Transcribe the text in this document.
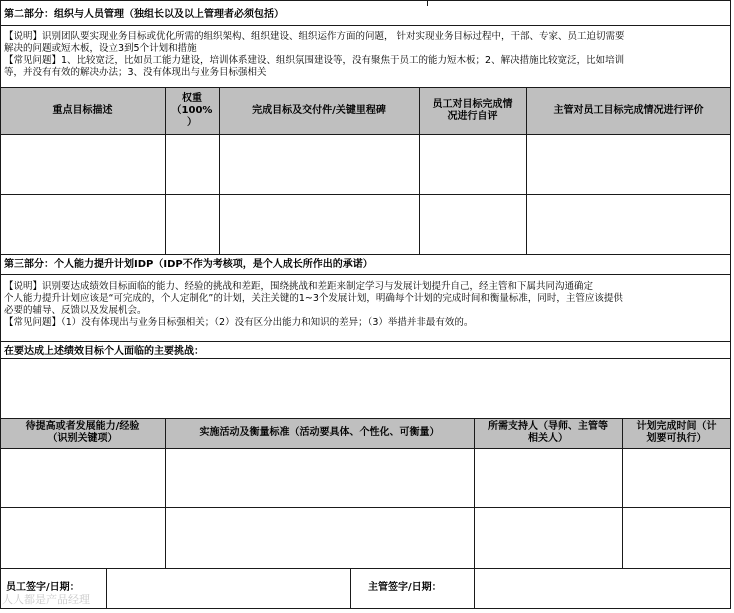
第二部分：组织与人员管理（独组长以及以上管理者必须包括）
【说明】识别团队要实现业务目标或优化所需的组织架构、组织建设、组织运作方面的问题， 针对实现业务目标过程中，干部、专家、员工迫切需要
解决的问题或短木板，设立3到5个计划和措施
【常见问题】1、比较宽泛，比如员工能力建设，培训体系建设、组织氛围建设等，没有聚焦于员工的能力短木板；2、解决措施比较宽泛，比如培训
等，并没有有效的解决办法；3、没有体现出与业务目标强相关
重点目标描述
权重
（100%
）
完成目标及交付件/关键里程碑
员工对目标完成情
况进行自评
主管对员工目标完成情况进行评价
第三部分：个人能力提升计划IDP（IDP不作为考核项，是个人成长所作出的承诺）
【说明】识别要达成绩效目标面临的能力、经验的挑战和差距，围绕挑战和差距来制定学习与发展计划提升自己，经主管和下属共同沟通确定
个人能力提升计划应该是“可完成的，个人定制化”的计划，关注关键的1~3个发展计划，明确每个计划的完成时间和衡量标准，同时，主管应该提供
必要的辅导、反馈以及发展机会。
【常见问题】（1）没有体现出与业务目标强相关；（2）没有区分出能力和知识的差异；（3）举措并非最有效的。
在要达成上述绩效目标个人面临的主要挑战：
待提高或者发展能力/经验
（识别关键项）
实施活动及衡量标准（活动要具体、个性化、可衡量）
所需支持人（导师、主管等
相关人）
计划完成时间（计
划要可执行）
员工签字/日期：	主管签字/日期：
人人都是产品经理
